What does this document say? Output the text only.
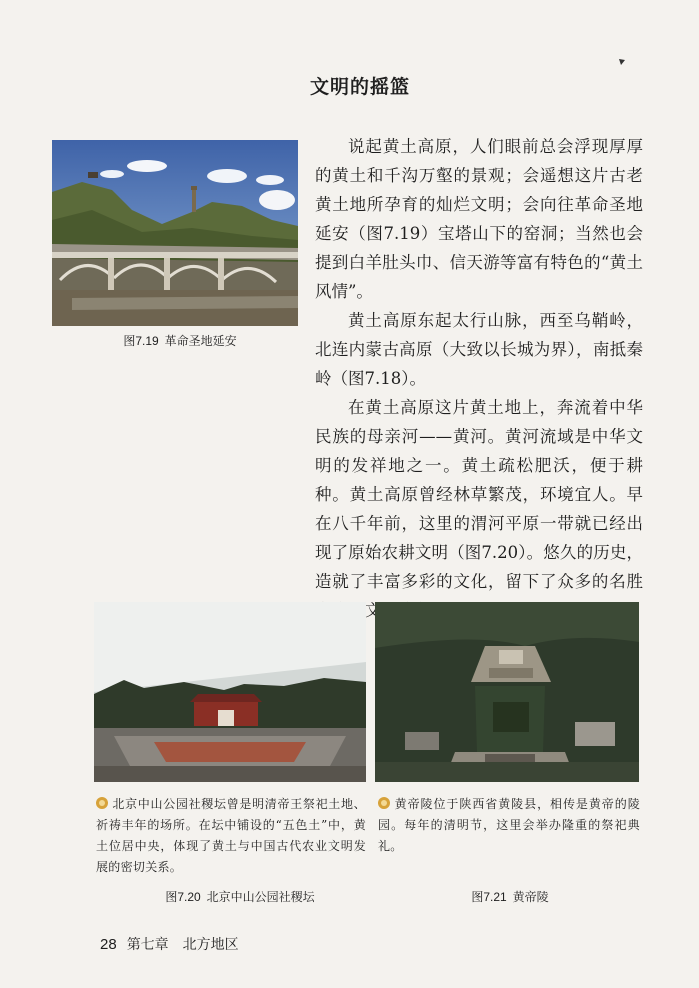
文明的摇篮
图7.19 革命圣地延安

说起黄土高原，人们眼前总会浮现厚厚的黄土和千沟万壑的景观；会遥想这片古老黄土地所孕育的灿烂文明；会向往革命圣地延安（图7.19）宝塔山下的窑洞；当然也会提到白羊肚头巾、信天游等富有特色的“黄土风情”。

黄土高原东起太行山脉，西至乌鞘岭，北连内蒙古高原（大致以长城为界），南抵秦岭（图7.18）。

在黄土高原这片黄土地上，奔流着中华民族的母亲河——黄河。黄河流域是中华文明的发祥地之一。黄土疏松肥沃，便于耕种。黄土高原曾经林草繁茂，环境宜人。早在八千年前，这里的渭河平原一带就已经出现了原始农耕文明（图7.20）。悠久的历史，造就了丰富多彩的文化，留下了众多的名胜 和文化

北京中山公园社稷坛曾是明清帝王祭祀土地、祈祷丰年的场所。在坛中铺设的“五色土”中，黄土位居中央，体现了黄土与中国古代农业文明发展的密切关系。
黄帝陵位于陕西省黄陵县，相传是黄帝的陵园。每年的清明节，这里会举办隆重的祭祀典礼。
图7.20 北京中山公园社稷坛	图7.21 黄帝陵
28 第七章　北方地区
